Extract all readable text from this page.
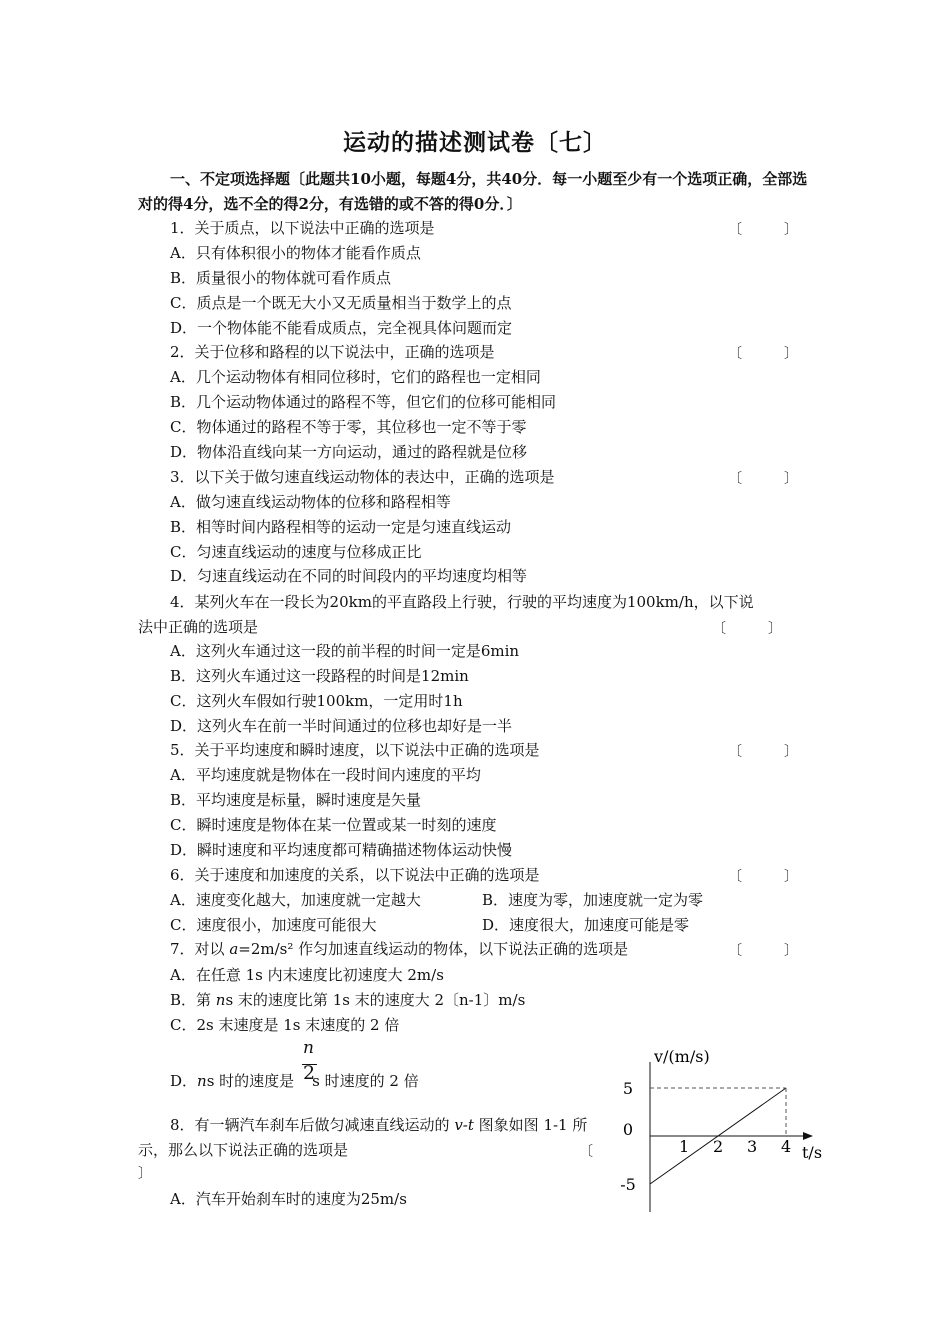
运动的描述测试卷〔七〕
一、不定项选择题〔此题共10小题，每题4分，共40分．每一小题至少有一个选项正确，全部选对的得4分，选不全的得2分，有选错的或不答的得0分．〕
1．关于质点，以下说法中正确的选项是	〔　　　〕
A．只有体积很小的物体才能看作质点
B．质量很小的物体就可看作质点
C．质点是一个既无大小又无质量相当于数学上的点
D．一个物体能不能看成质点，完全视具体问题而定
2．关于位移和路程的以下说法中，正确的选项是	〔　　　〕
A．几个运动物体有相同位移时，它们的路程也一定相同
B．几个运动物体通过的路程不等，但它们的位移可能相同
C．物体通过的路程不等于零，其位移也一定不等于零
D．物体沿直线向某一方向运动，通过的路程就是位移
3．以下关于做匀速直线运动物体的表达中，正确的选项是	〔　　　〕
A．做匀速直线运动物体的位移和路程相等
B．相等时间内路程相等的运动一定是匀速直线运动
C．匀速直线运动的速度与位移成正比
D．匀速直线运动在不同的时间段内的平均速度均相等
4．某列火车在一段长为20km的平直路段上行驶，行驶的平均速度为100km/h，以下说
法中正确的选项是	〔　　　〕
A．这列火车通过这一段的前半程的时间一定是6min
B．这列火车通过这一段路程的时间是12min
C．这列火车假如行驶100km，一定用时1h
D．这列火车在前一半时间通过的位移也却好是一半
5．关于平均速度和瞬时速度，以下说法中正确的选项是	〔　　　〕
A．平均速度就是物体在一段时间内速度的平均
B．平均速度是标量，瞬时速度是矢量
C．瞬时速度是物体在某一位置或某一时刻的速度
D．瞬时速度和平均速度都可精确描述物体运动快慢
6．关于速度和加速度的关系，以下说法中正确的选项是	〔　　　〕
A．速度变化越大，加速度就一定越大	B．速度为零，加速度就一定为零
C．速度很小，加速度可能很大	D．速度很大，加速度可能是零
7．对以 a=2m/s² 作匀加速直线运动的物体，以下说法正确的选项是	〔　　　〕
A．在任意 1s 内末速度比初速度大 2m/s
B．第 ns 末的速度比第 1s 末的速度大 2〔n-1〕m/s
C．2s 末速度是 1s 末速度的 2 倍
n
2
D．ns 时的速度是 s 时速度的 2 倍
8．有一辆汽车刹车后做匀减速直线运动的 v-t 图象如图 1-1 所
示，那么以下说法正确的选项是	〔
〕
A．汽车开始刹车时的速度为25m/s
v/(m/s)
t/s
1 2 3 4
5
0
-5
